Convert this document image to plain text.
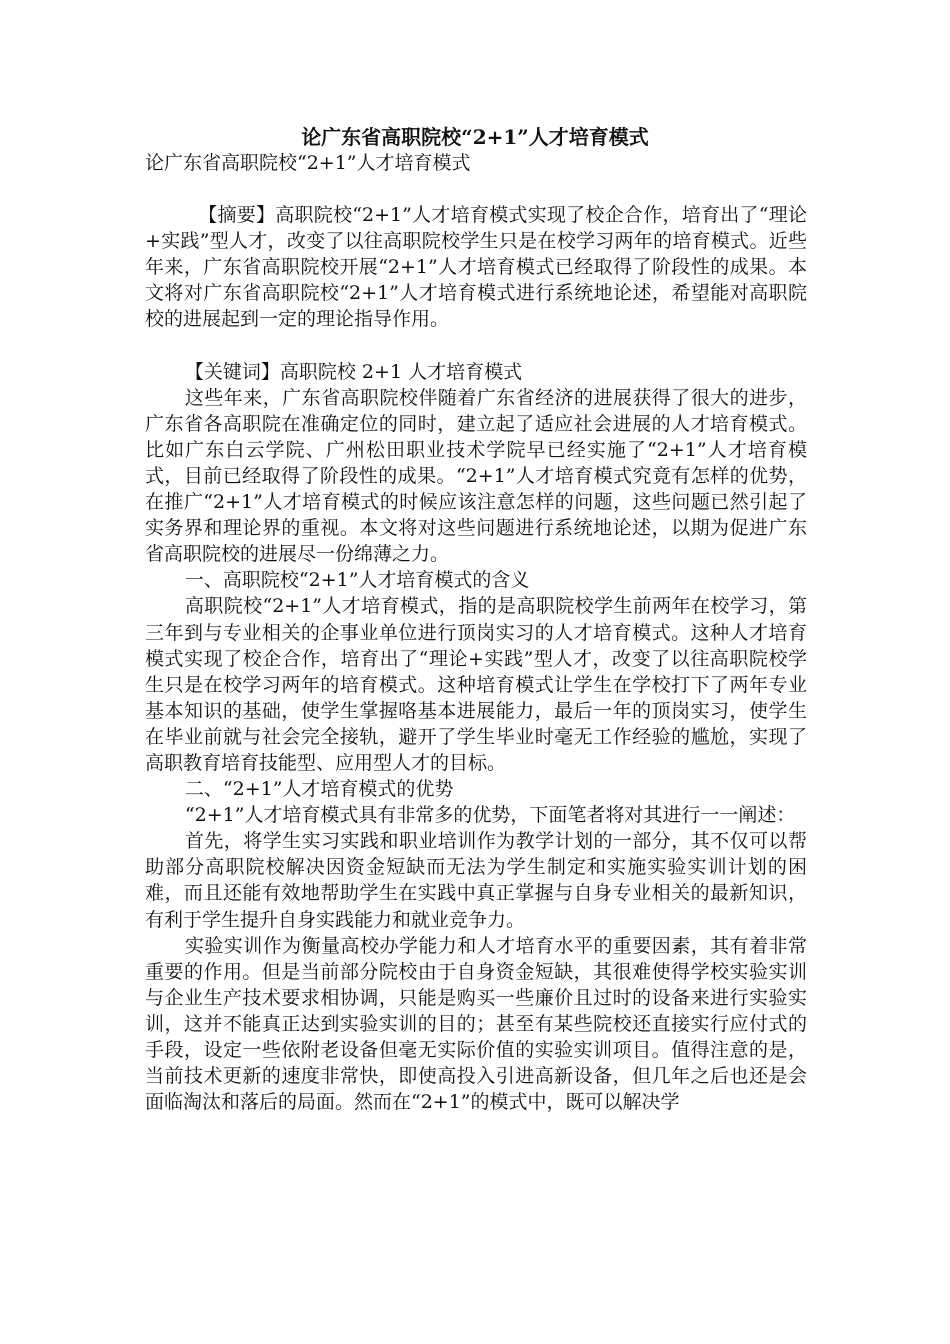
论广东省高职院校“2+1”人才培育模式
论广东省高职院校“2+1”人才培育模式

【摘要】高职院校“2+1”人才培育模式实现了校企合作，培育出了“理论+实践”型人才，改变了以往高职院校学生只是在校学习两年的培育模式。近些年来，广东省高职院校开展“2+1”人才培育模式已经取得了阶段性的成果。本文将对广东省高职院校“2+1”人才培育模式进行系统地论述，希望能对高职院校的进展起到一定的理论指导作用。

【关键词】高职院校 2+1 人才培育模式

这些年来，广东省高职院校伴随着广东省经济的进展获得了很大的进步，广东省各高职院在准确定位的同时，建立起了适应社会进展的人才培育模式。比如广东白云学院、广州松田职业技术学院早已经实施了“2+1”人才培育模式，目前已经取得了阶段性的成果。“2+1”人才培育模式究竟有怎样的优势，在推广“2+1”人才培育模式的时候应该注意怎样的问题，这些问题已然引起了实务界和理论界的重视。本文将对这些问题进行系统地论述，以期为促进广东省高职院校的进展尽一份绵薄之力。

一、高职院校“2+1”人才培育模式的含义

高职院校“2+1”人才培育模式，指的是高职院校学生前两年在校学习，第三年到与专业相关的企事业单位进行顶岗实习的人才培育模式。这种人才培育模式实现了校企合作，培育出了“理论+实践”型人才，改变了以往高职院校学生只是在校学习两年的培育模式。这种培育模式让学生在学校打下了两年专业基本知识的基础，使学生掌握咯基本进展能力，最后一年的顶岗实习，使学生在毕业前就与社会完全接轨，避开了学生毕业时毫无工作经验的尴尬，实现了高职教育培育技能型、应用型人才的目标。

二、“2+1”人才培育模式的优势

“2+1”人才培育模式具有非常多的优势，下面笔者将对其进行一一阐述：

首先，将学生实习实践和职业培训作为教学计划的一部分，其不仅可以帮助部分高职院校解决因资金短缺而无法为学生制定和实施实验实训计划的困难，而且还能有效地帮助学生在实践中真正掌握与自身专业相关的最新知识，有利于学生提升自身实践能力和就业竞争力。

实验实训作为衡量高校办学能力和人才培育水平的重要因素，其有着非常重要的作用。但是当前部分院校由于自身资金短缺，其很难使得学校实验实训与企业生产技术要求相协调，只能是购买一些廉价且过时的设备来进行实验实训，这并不能真正达到实验实训的目的；甚至有某些院校还直接实行应付式的手段，设定一些依附老设备但毫无实际价值的实验实训项目。值得注意的是，当前技术更新的速度非常快，即使高投入引进高新设备，但几年之后也还是会面临淘汰和落后的局面。然而在“2+1”的模式中，既可以解决学
